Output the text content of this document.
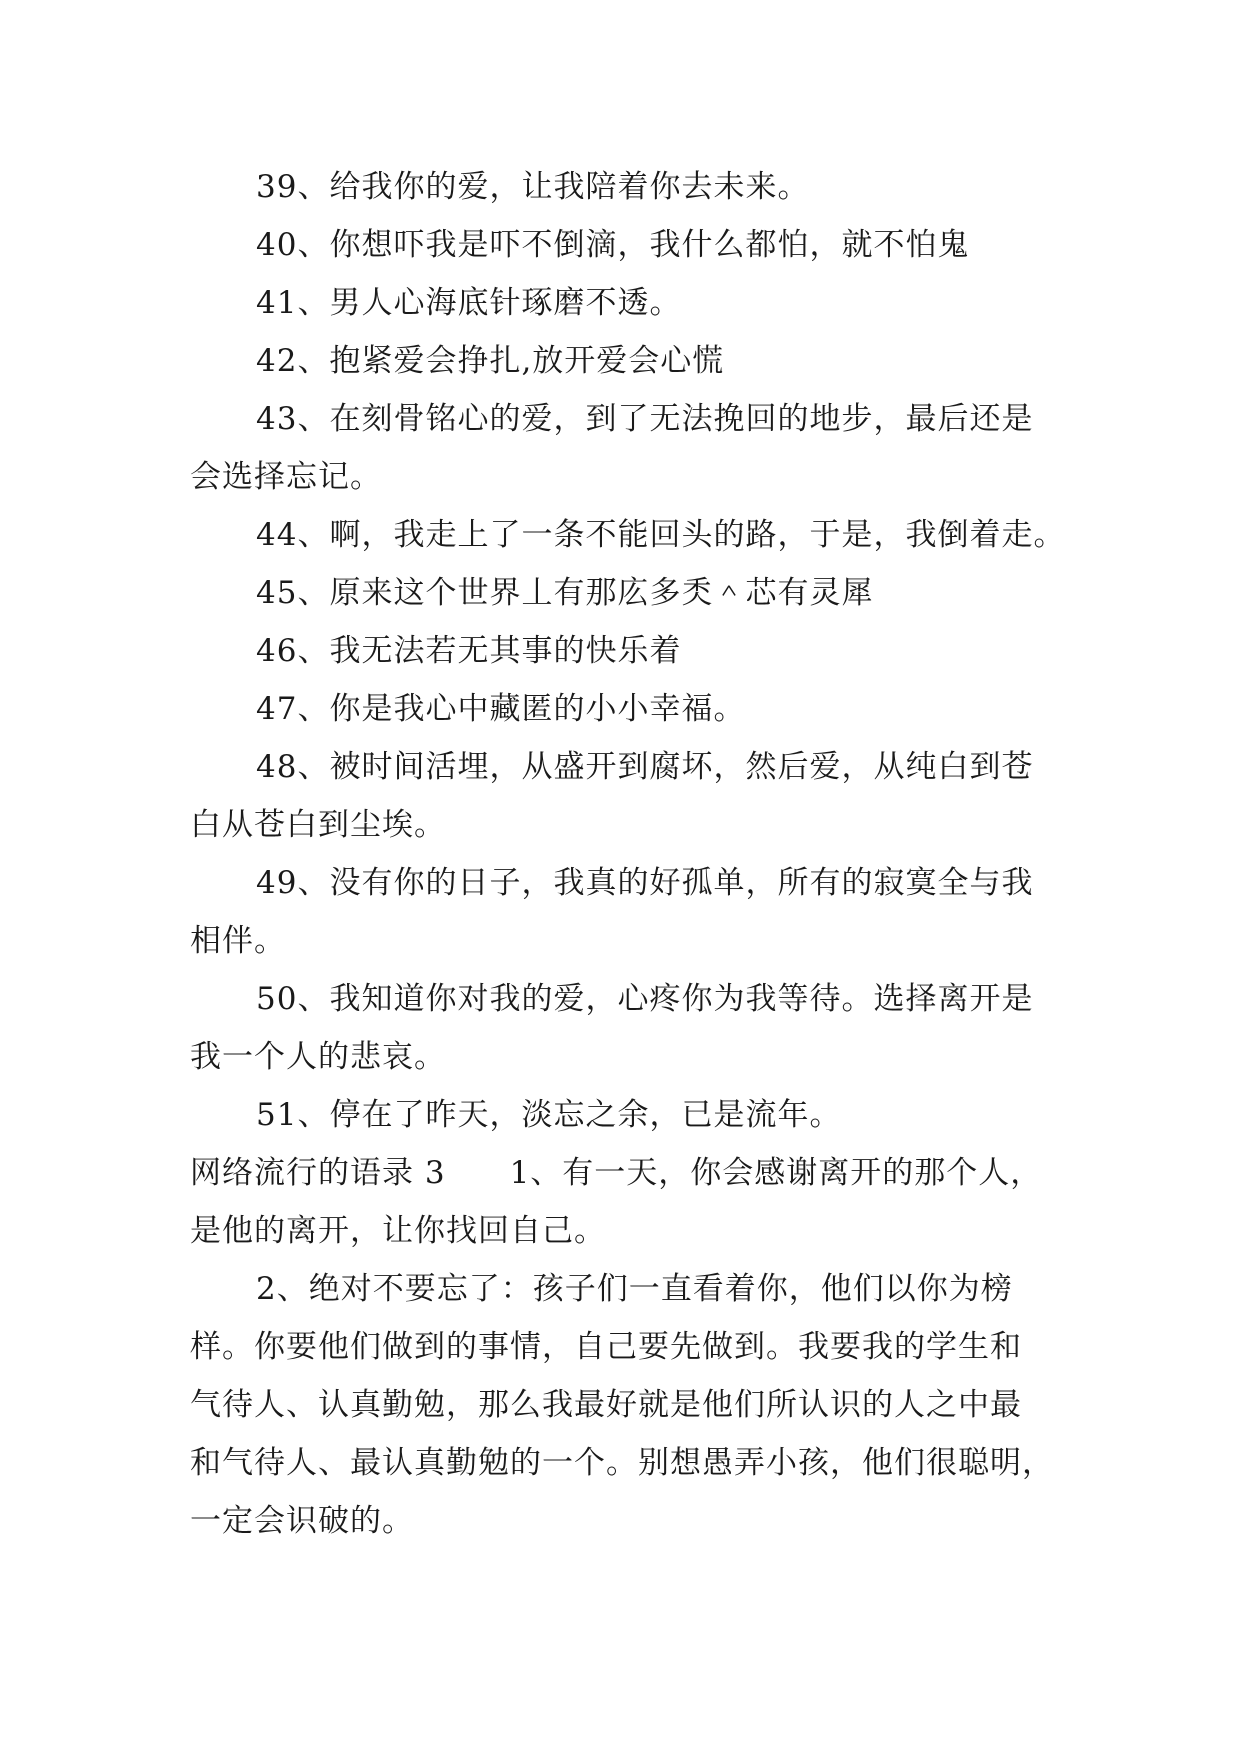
39、给我你的爱，让我陪着你去未来。
40、你想吓我是吓不倒滴，我什么都怕，就不怕鬼
41、男人心海底针琢磨不透。
42、抱紧爱会挣扎,放开爱会心慌
43、在刻骨铭心的爱，到了无法挽回的地步，最后还是
会选择忘记。
44、啊，我走上了一条不能回头的路，于是，我倒着走。
45、原来这个世界丄有那庅多秂＾芯有灵犀
46、我无法若无其事的快乐着
47、你是我心中藏匿的小小幸福。
48、被时间活埋，从盛开到腐坏，然后爱，从纯白到苍
白从苍白到尘埃。
49、没有你的日子，我真的好孤单，所有的寂寞全与我
相伴。
50、我知道你对我的爱，心疼你为我等待。选择离开是
我一个人的悲哀。
51、停在了昨天，淡忘之余，已是流年。
网络流行的语录 3　　1、有一天，你会感谢离开的那个人，
是他的离开，让你找回自己。
2、绝对不要忘了：孩子们一直看着你，他们以你为榜
样。你要他们做到的事情，自己要先做到。我要我的学生和
气待人、认真勤勉，那么我最好就是他们所认识的人之中最
和气待人、最认真勤勉的一个。别想愚弄小孩，他们很聪明，
一定会识破的。
